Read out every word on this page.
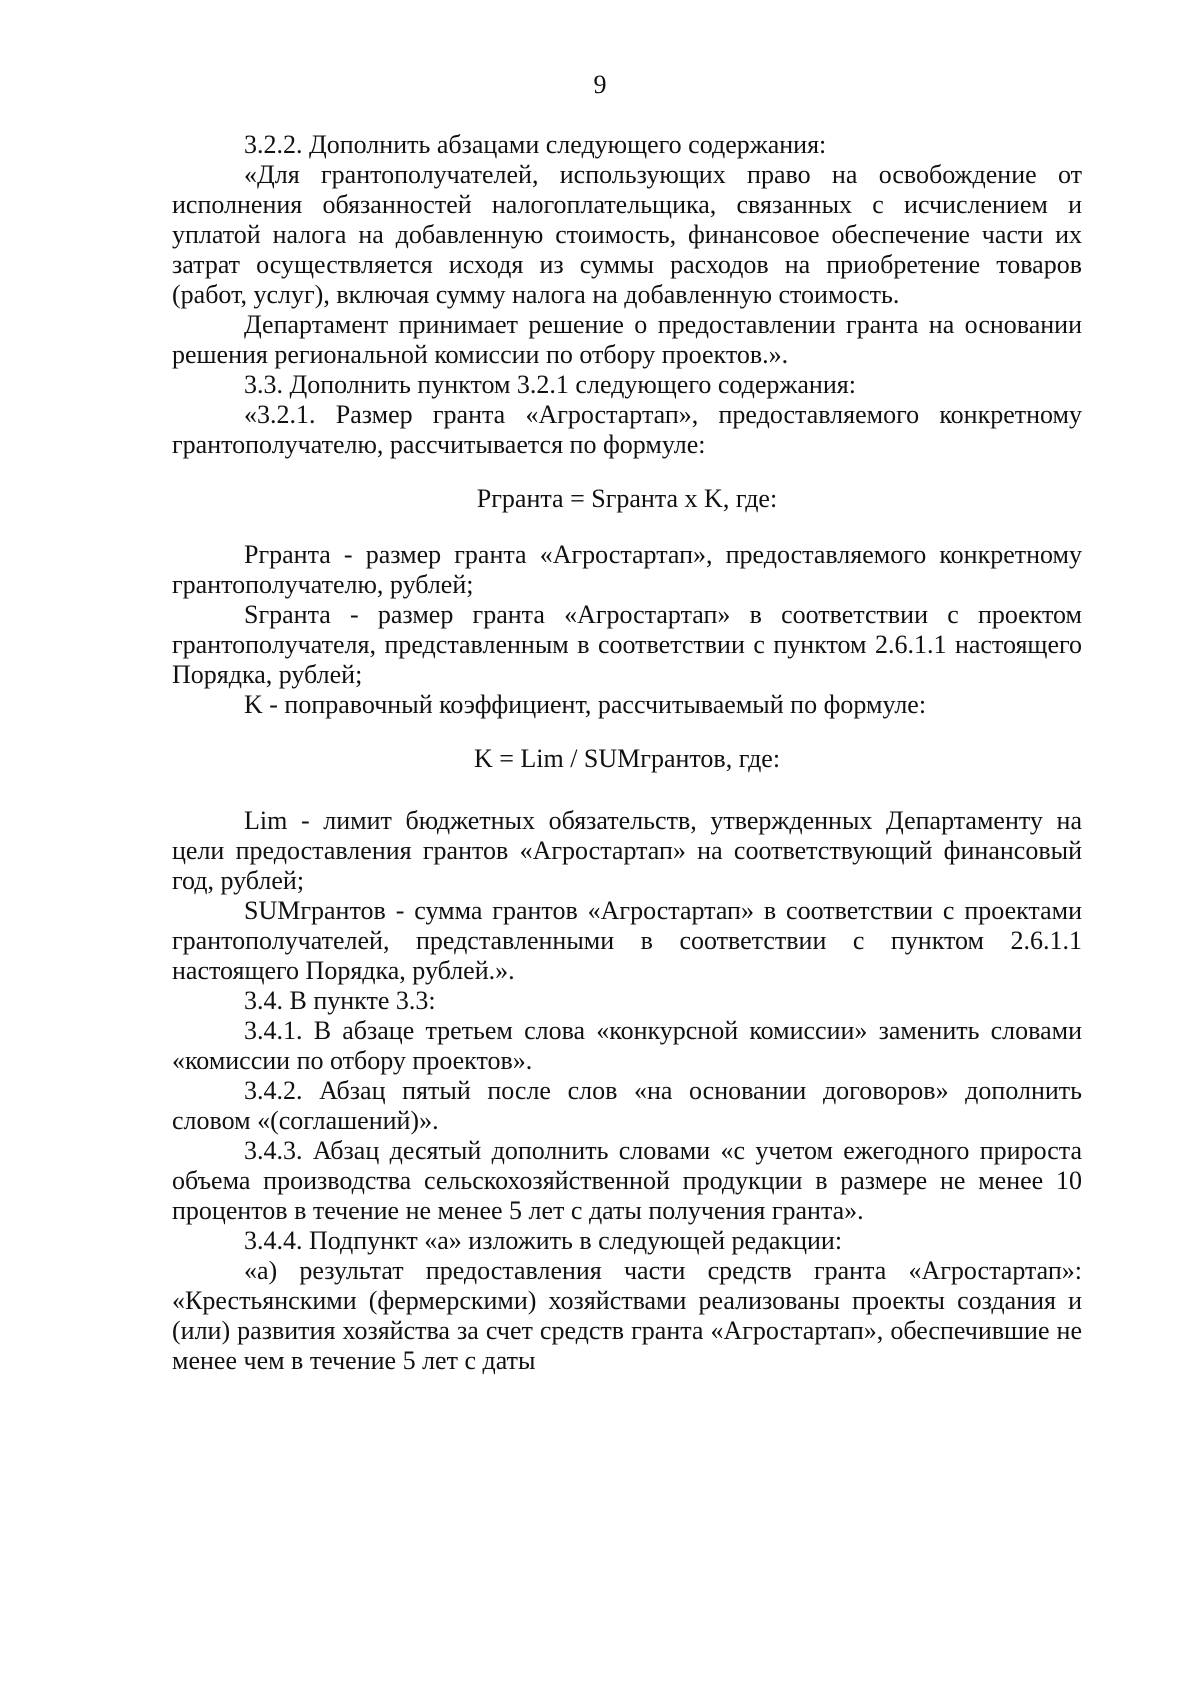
9

3.2.2. Дополнить абзацами следующего содержания:

«Для грантополучателей, использующих право на освобождение от исполнения обязанностей налогоплательщика, связанных с исчислением и уплатой налога на добавленную стоимость, финансовое обеспечение части их затрат осуществляется исходя из суммы расходов на приобретение товаров (работ, услуг), включая сумму налога на добавленную стоимость.

Департамент принимает решение о предоставлении гранта на основании решения региональной комиссии по отбору проектов.».

3.3. Дополнить пунктом 3.2.1 следующего содержания:

«3.2.1. Размер гранта «Агростартап», предоставляемого конкретному грантополучателю, рассчитывается по формуле:

Ргранта = Sгранта x K, где:

Ргранта - размер гранта «Агростартап», предоставляемого конкретному грантополучателю, рублей;

Sгранта - размер гранта «Агростартап» в соответствии с проектом грантополучателя, представленным в соответствии с пунктом 2.6.1.1 настоящего Порядка, рублей;

K - поправочный коэффициент, рассчитываемый по формуле:

K = Lim / SUMгрантов, где:

Lim - лимит бюджетных обязательств, утвержденных Департаменту на цели предоставления грантов «Агростартап» на соответствующий финансовый год, рублей;

SUMгрантов - сумма грантов «Агростартап» в соответствии с проектами грантополучателей, представленными в соответствии с пунктом 2.6.1.1 настоящего Порядка, рублей.».

3.4. В пункте 3.3:

3.4.1. В абзаце третьем слова «конкурсной комиссии» заменить словами «комиссии по отбору проектов».

3.4.2. Абзац пятый после слов «на основании договоров» дополнить словом «(соглашений)».

3.4.3. Абзац десятый дополнить словами «с учетом ежегодного прироста объема производства сельскохозяйственной продукции в размере не менее 10 процентов в течение не менее 5 лет с даты получения гранта».

3.4.4. Подпункт «а» изложить в следующей редакции:

«а) результат предоставления части средств гранта «Агростартап»: «Крестьянскими (фермерскими) хозяйствами реализованы проекты создания и (или) развития хозяйства за счет средств гранта «Агростартап», обеспечившие не менее чем в течение 5 лет с даты
